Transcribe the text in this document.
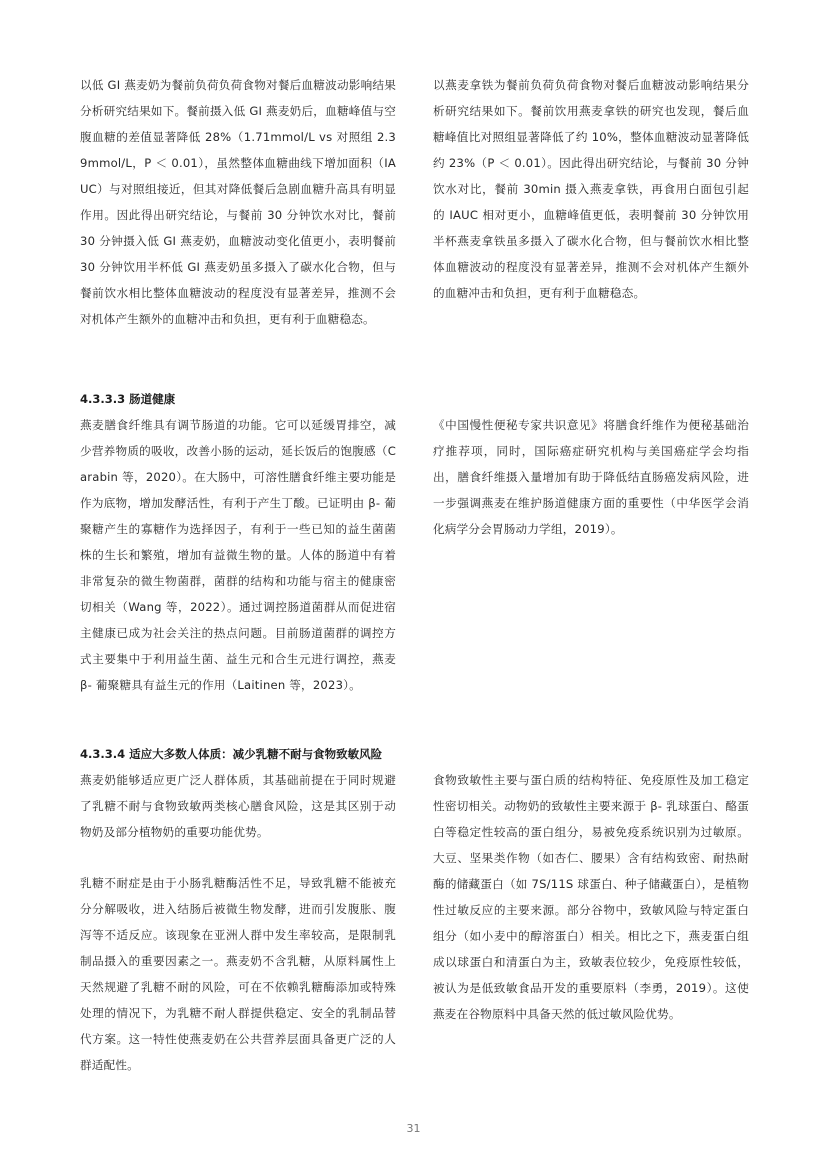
以低 GI 燕麦奶为餐前负荷负荷食物对餐后血糖波动影响结果分析研究结果如下。餐前摄入低 GI 燕麦奶后，血糖峰值与空腹血糖的差值显著降低 28%（1.71mmol/L vs 对照组 2.39mmol/L，P ＜ 0.01），虽然整体血糖曲线下增加面积（IAUC）与对照组接近，但其对降低餐后急剧血糖升高具有明显作用。因此得出研究结论，与餐前 30 分钟饮水对比，餐前 30 分钟摄入低 GI 燕麦奶，血糖波动变化值更小，表明餐前 30 分钟饮用半杯低 GI 燕麦奶虽多摄入了碳水化合物，但与餐前饮水相比整体血糖波动的程度没有显著差异，推测不会对机体产生额外的血糖冲击和负担，更有利于血糖稳态。

以燕麦拿铁为餐前负荷负荷食物对餐后血糖波动影响结果分析研究结果如下。餐前饮用燕麦拿铁的研究也发现，餐后血糖峰值比对照组显著降低了约 10%，整体血糖波动显著降低约 23%（P ＜ 0.01）。因此得出研究结论，与餐前 30 分钟饮水对比，餐前 30min 摄入燕麦拿铁，再食用白面包引起的 IAUC 相对更小，血糖峰值更低，表明餐前 30 分钟饮用半杯燕麦拿铁虽多摄入了碳水化合物，但与餐前饮水相比整体血糖波动的程度没有显著差异，推测不会对机体产生额外的血糖冲击和负担，更有利于血糖稳态。

4.3.3.3 肠道健康

燕麦膳食纤维具有调节肠道的功能。它可以延缓胃排空，减少营养物质的吸收，改善小肠的运动，延长饭后的饱腹感（Carabin 等，2020）。在大肠中，可溶性膳食纤维主要功能是作为底物，增加发酵活性，有利于产生丁酸。已证明由 β- 葡聚糖产生的寡糖作为选择因子，有利于一些已知的益生菌菌株的生长和繁殖，增加有益微生物的量。人体的肠道中有着非常复杂的微生物菌群，菌群的结构和功能与宿主的健康密切相关（Wang 等，2022）。通过调控肠道菌群从而促进宿主健康已成为社会关注的热点问题。目前肠道菌群的调控方式主要集中于利用益生菌、益生元和合生元进行调控，燕麦 β- 葡聚糖具有益生元的作用（Laitinen 等，2023）。

《中国慢性便秘专家共识意见》将膳食纤维作为便秘基础治疗推荐项，同时，国际癌症研究机构与美国癌症学会均指出，膳食纤维摄入量增加有助于降低结直肠癌发病风险，进一步强调燕麦在维护肠道健康方面的重要性（中华医学会消化病学分会胃肠动力学组，2019）。

4.3.3.4 适应大多数人体质：减少乳糖不耐与食物致敏风险

燕麦奶能够适应更广泛人群体质，其基础前提在于同时规避了乳糖不耐与食物致敏两类核心膳食风险，这是其区别于动物奶及部分植物奶的重要功能优势。

乳糖不耐症是由于小肠乳糖酶活性不足，导致乳糖不能被充分分解吸收，进入结肠后被微生物发酵，进而引发腹胀、腹泻等不适反应。该现象在亚洲人群中发生率较高，是限制乳制品摄入的重要因素之一。燕麦奶不含乳糖，从原料属性上天然规避了乳糖不耐的风险，可在不依赖乳糖酶添加或特殊处理的情况下，为乳糖不耐人群提供稳定、安全的乳制品替代方案。这一特性使燕麦奶在公共营养层面具备更广泛的人群适配性。

食物致敏性主要与蛋白质的结构特征、免疫原性及加工稳定性密切相关。动物奶的致敏性主要来源于 β- 乳球蛋白、酪蛋白等稳定性较高的蛋白组分，易被免疫系统识别为过敏原。大豆、坚果类作物（如杏仁、腰果）含有结构致密、耐热耐酶的储藏蛋白（如 7S/11S 球蛋白、种子储藏蛋白），是植物性过敏反应的主要来源。部分谷物中，致敏风险与特定蛋白组分（如小麦中的醇溶蛋白）相关。相比之下，燕麦蛋白组成以球蛋白和清蛋白为主，致敏表位较少，免疫原性较低，被认为是低致敏食品开发的重要原料（李勇，2019）。这使燕麦在谷物原料中具备天然的低过敏风险优势。

31
